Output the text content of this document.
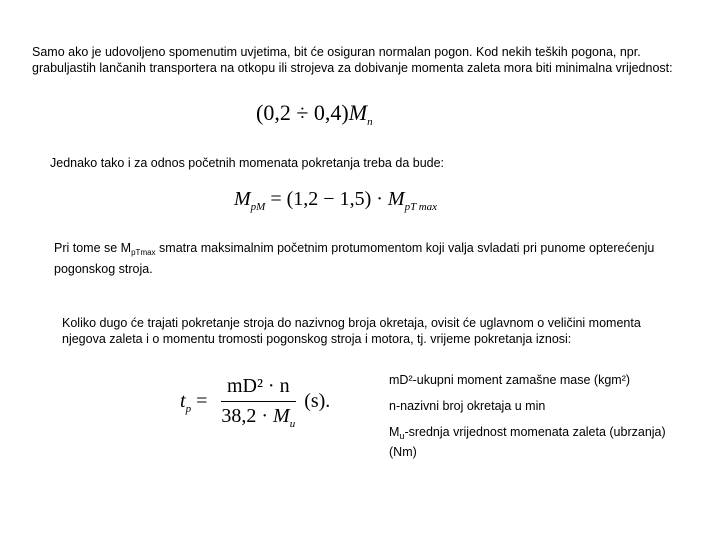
Samo ako je udovoljeno spomenutim uvjetima, bit će osiguran normalan pogon. Kod nekih teških pogona, npr. grabuljastih lančanih transportera na otkopu ili strojeva za dobivanje momenta zaleta mora biti minimalna vrijednost:
$(0,2 \div 0,4)M_n$
Jednako tako i za odnos početnih momenata pokretanja treba da bude:
$M_{pM} = (1,2 - 1,5) \cdot M_{pT max}$
Pri tome se $M_{pTmax}$ smatra maksimalnim početnim protumomentom koji valja svladati pri punome opterećenju pogonskog stroja.
Koliko dugo će trajati pokretanje stroja do nazivnog broja okretaja, ovisit će uglavnom o veličini momenta njegova zaleta i o momentu tromosti pogonskog stroja i motora, tj. vrijeme pokretanja iznosi:
$t_p = \frac{\text{mD² · n}}{38,2 \cdot M_u} (s)$.
mD²-ukupni moment zamašne mase (kgm²)
n-nazivni broj okretaja u min
$M_u$-srednja vrijednost momenata zaleta (ubrzanja) (Nm)
